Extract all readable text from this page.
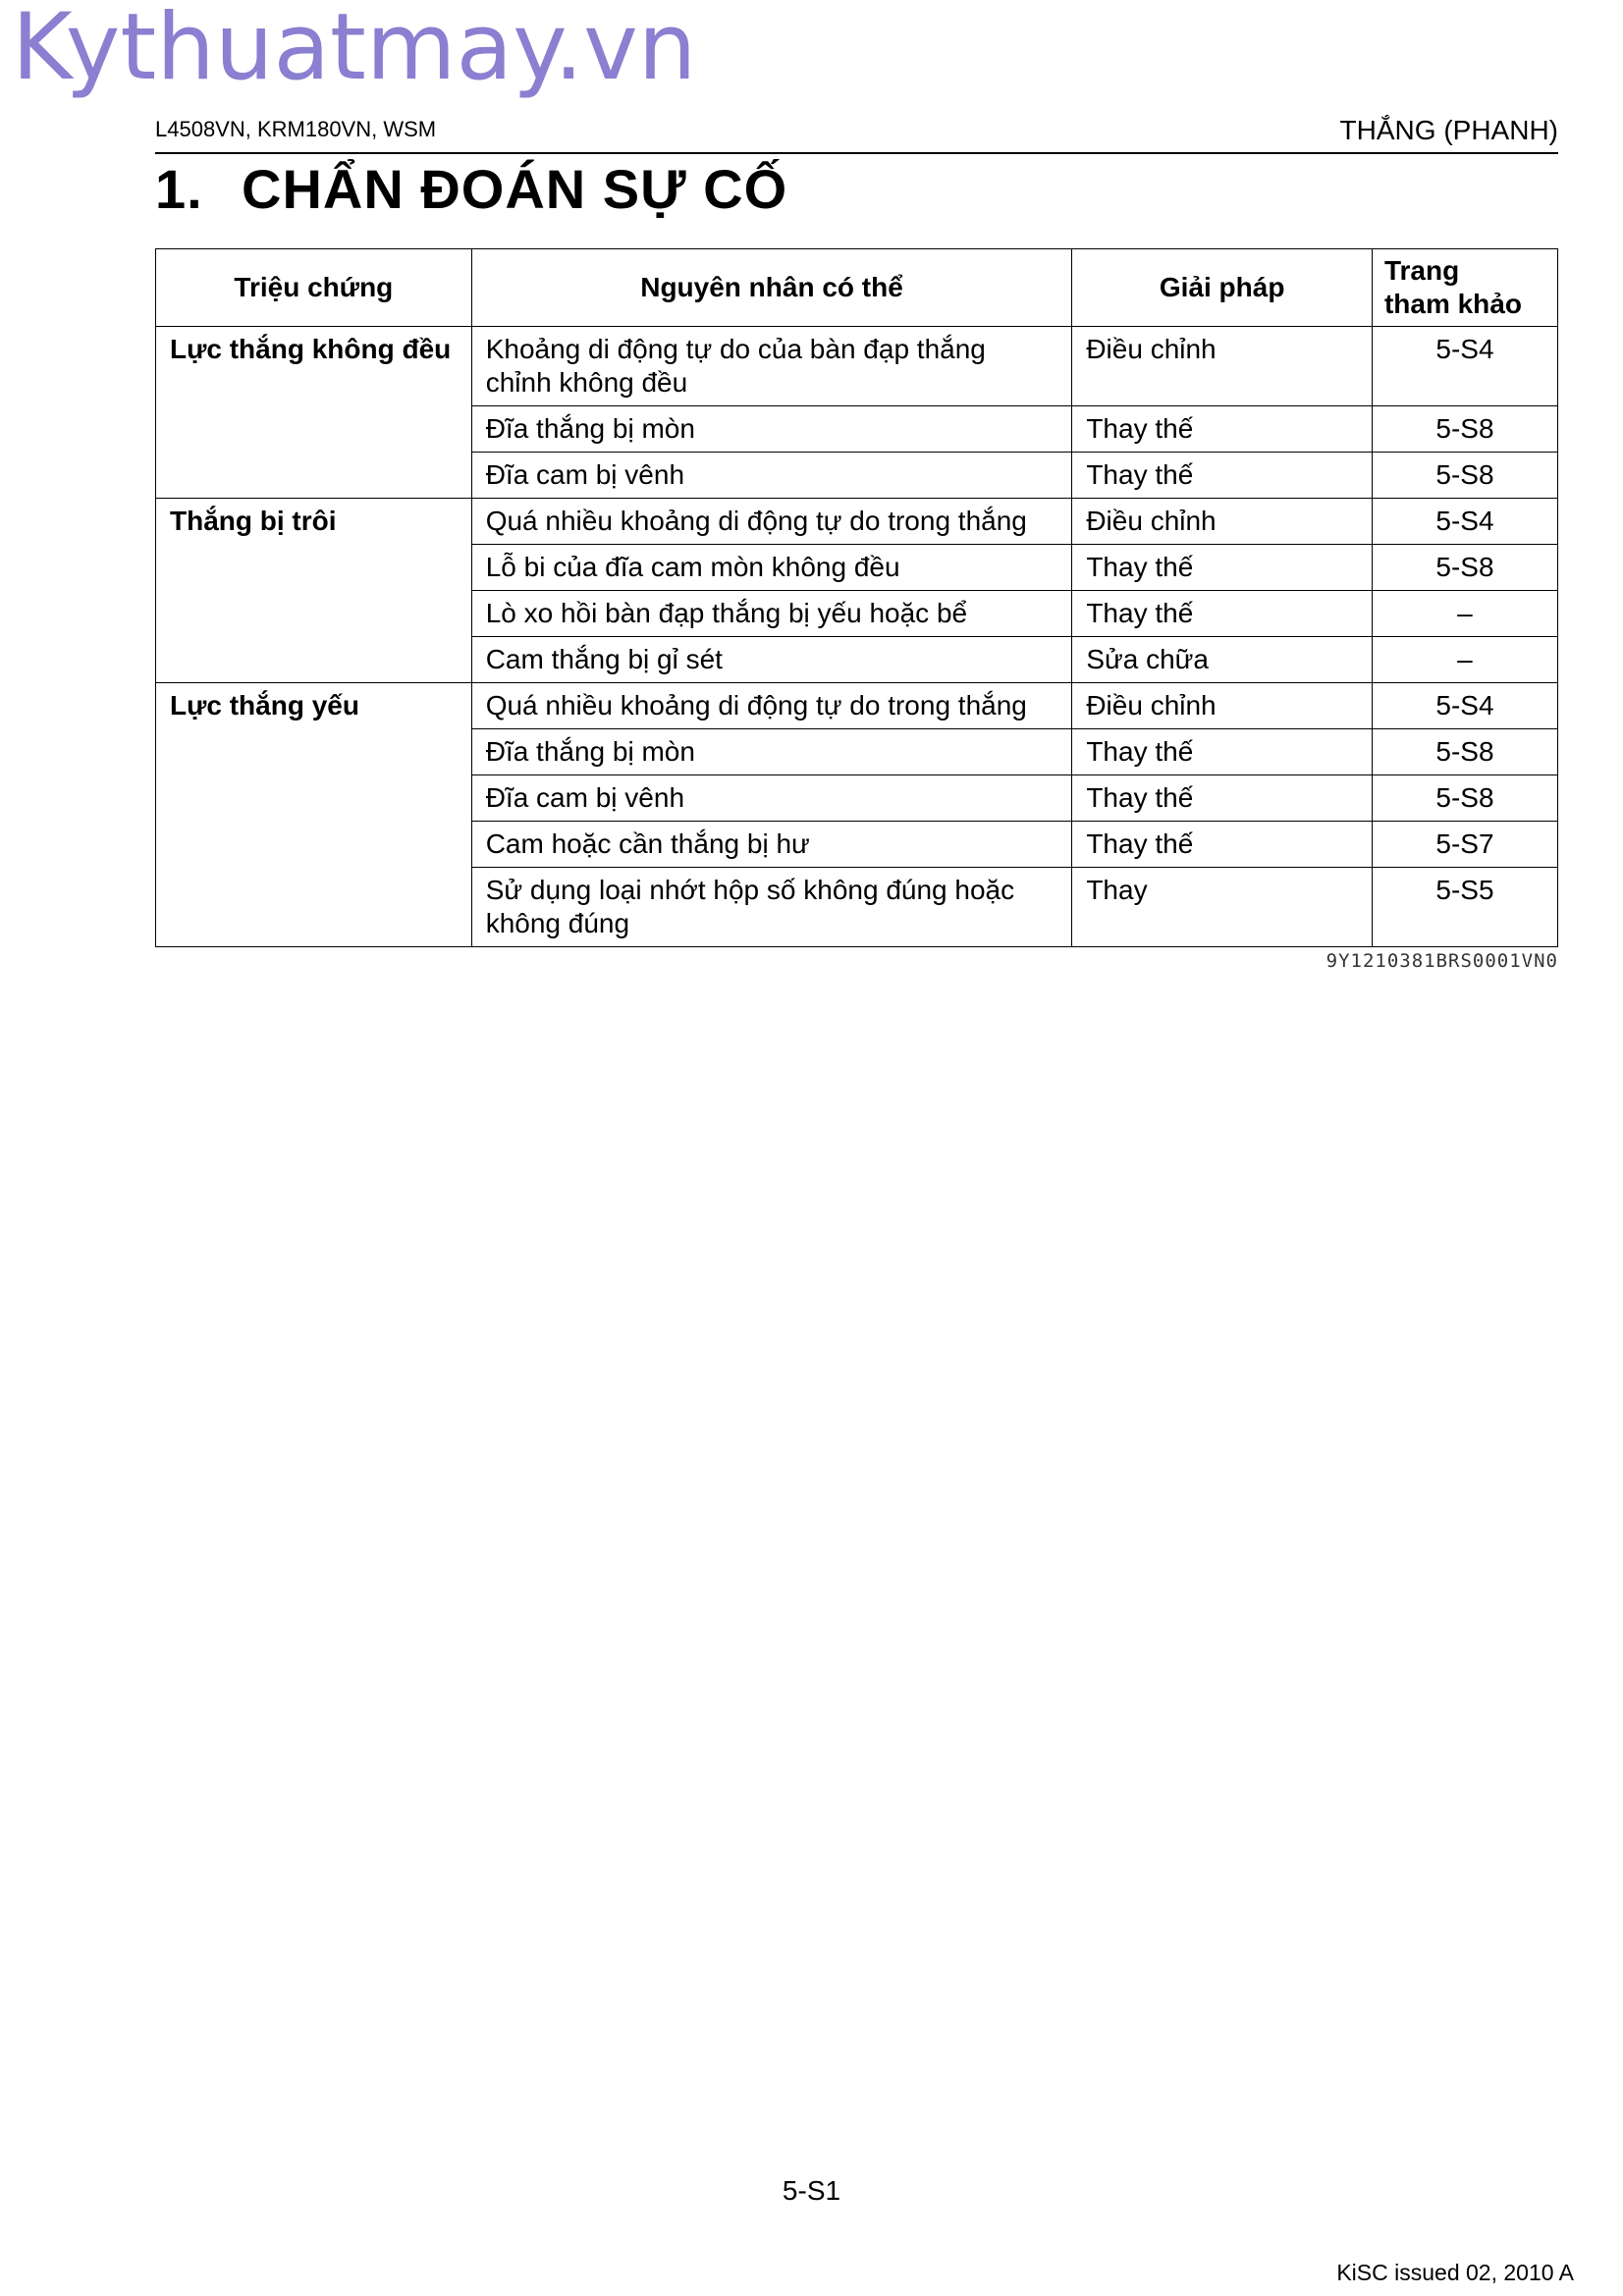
Kythuatmay.vn
L4508VN, KRM180VN, WSM	THẮNG (PHANH)
1. CHẨN ĐOÁN SỰ CỐ
Triệu chứng	Nguyên nhân có thể	Giải pháp	Trang
tham khảo
Lực thắng không đều	Khoảng di động tự do của bàn đạp thắng chỉnh không đều	Điều chỉnh	5-S4
	Đĩa thắng bị mòn	Thay thế	5-S8
	Đĩa cam bị vênh	Thay thế	5-S8
Thắng bị trôi	Quá nhiều khoảng di động tự do trong thắng	Điều chỉnh	5-S4
	Lỗ bi của đĩa cam mòn không đều	Thay thế	5-S8
	Lò xo hồi bàn đạp thắng bị yếu hoặc bể	Thay thế	–
	Cam thắng bị gỉ sét	Sửa chữa	–
Lực thắng yếu	Quá nhiều khoảng di động tự do trong thắng	Điều chỉnh	5-S4
	Đĩa thắng bị mòn	Thay thế	5-S8
	Đĩa cam bị vênh	Thay thế	5-S8
	Cam hoặc cần thắng bị hư	Thay thế	5-S7
	Sử dụng loại nhớt hộp số không đúng hoặc không đúng	Thay	5-S5
9Y1210381BRS0001VN0
5-S1
KiSC issued 02, 2010 A
